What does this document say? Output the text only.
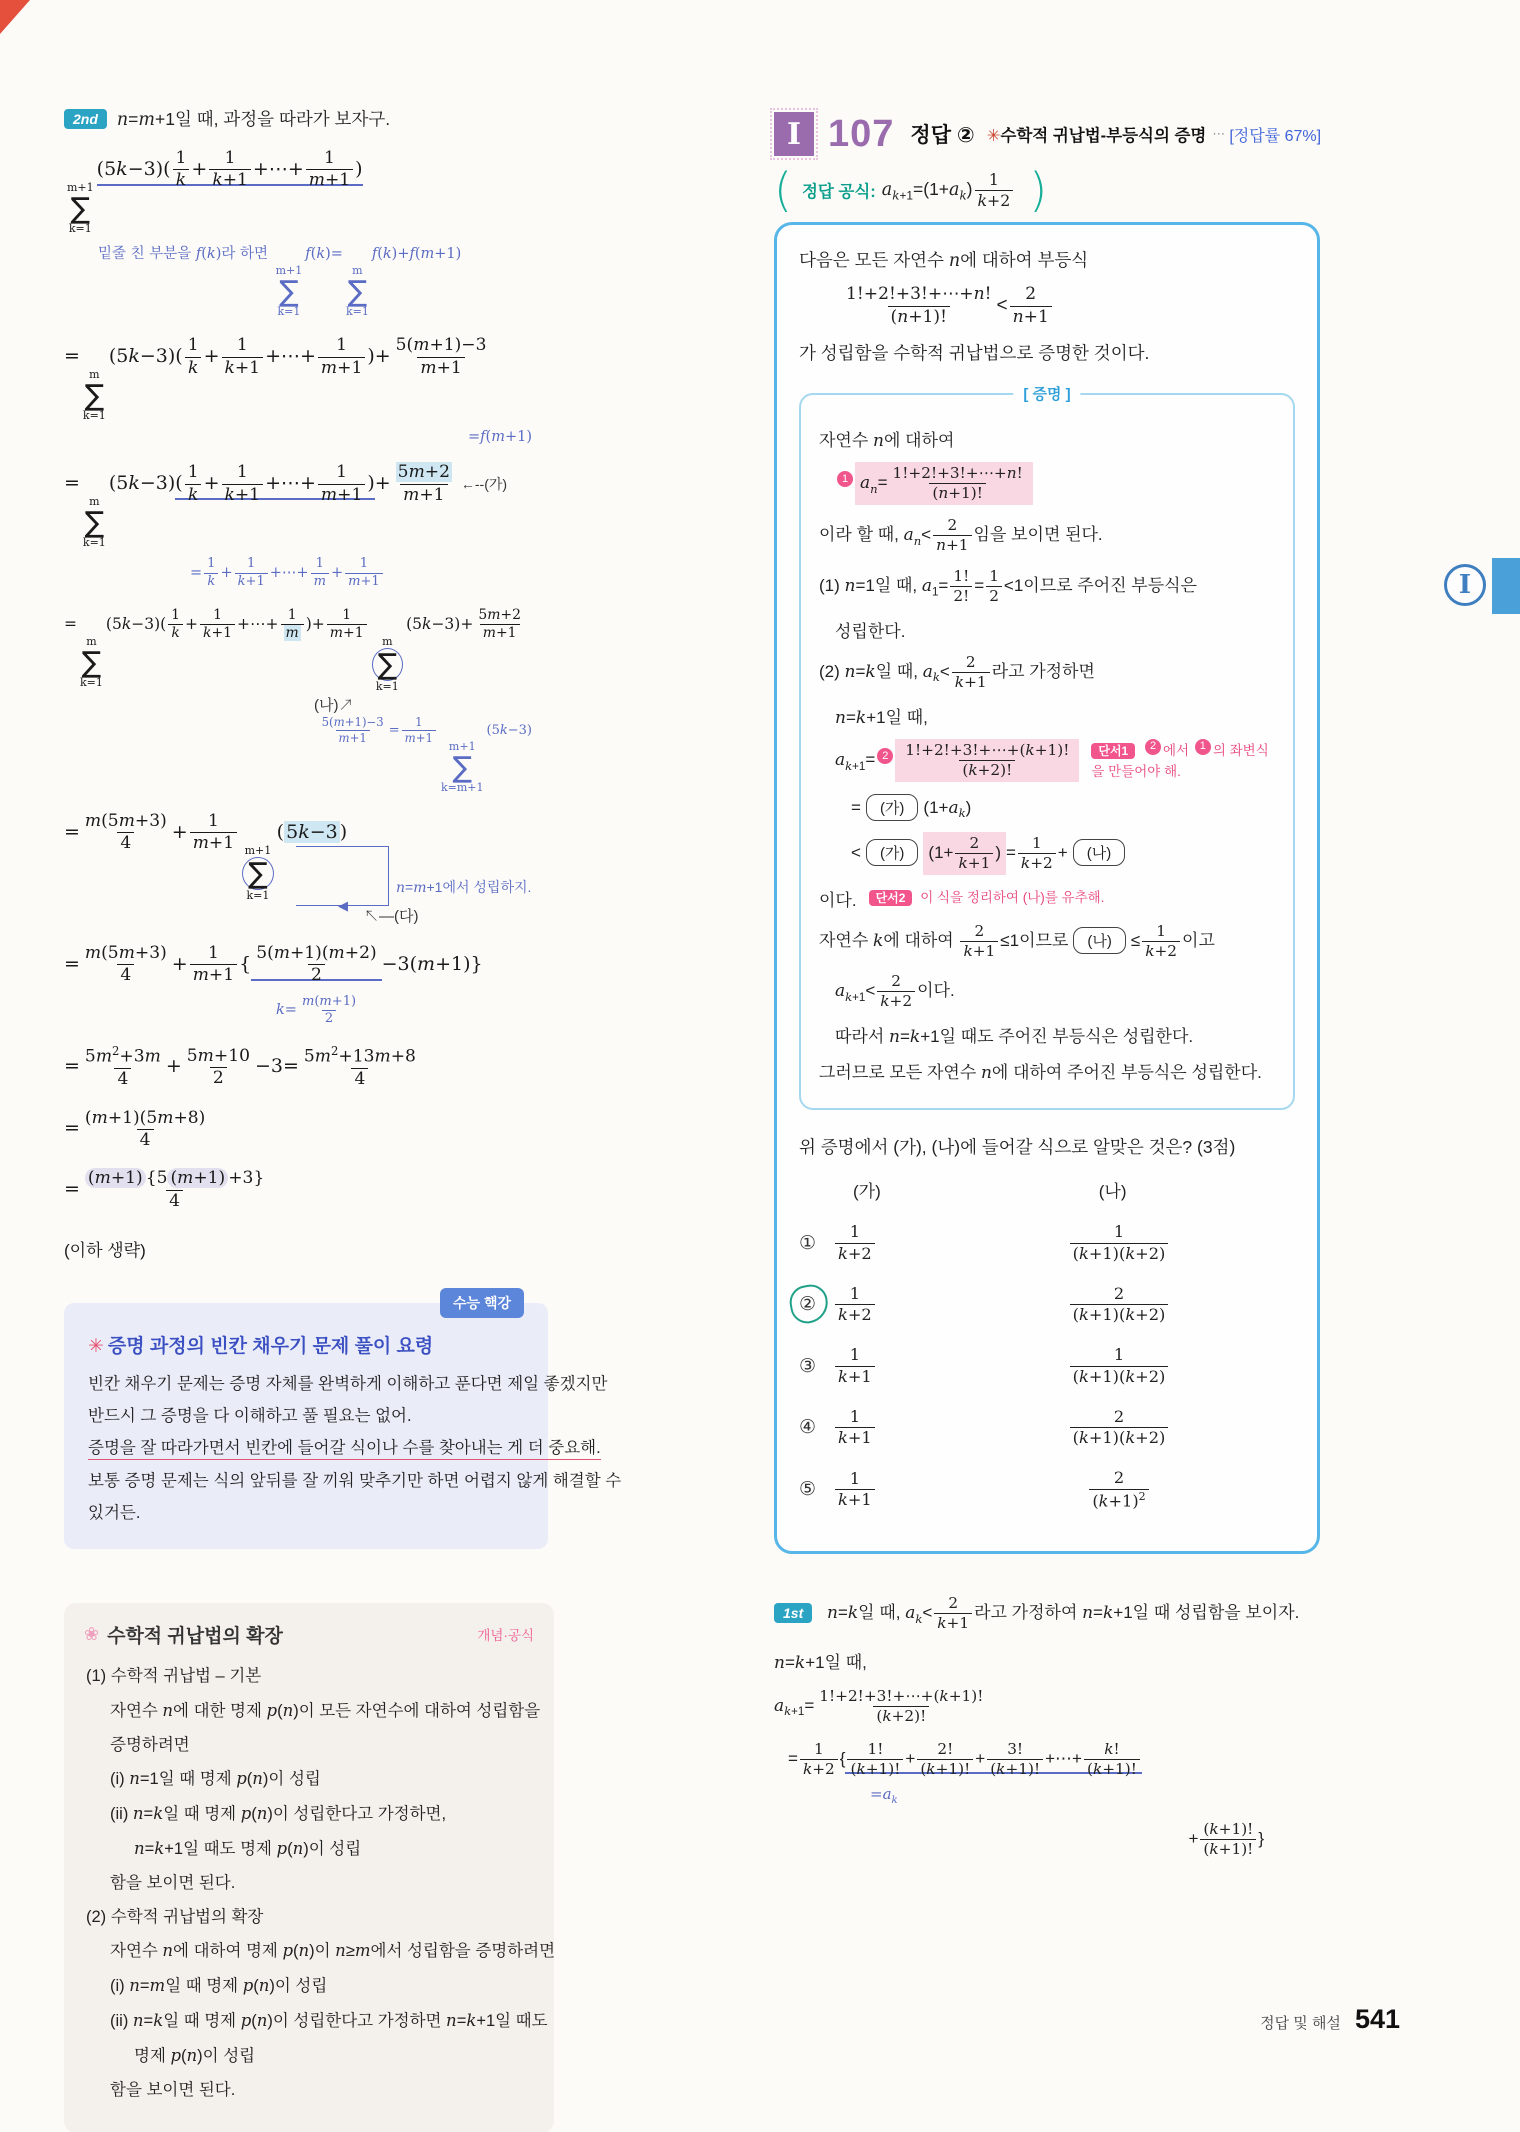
2nd	n=m+1일 때, 과정을 따라가 보자구.
m+1
∑
k=1
$(5k-3)( \frac{1}{k} + \frac{1}{k+1}$ +⋯+ $\frac{1}{m+1}$ )
밑줄 친 부분을 f(k)라 하면
m+1
∑
k=1
f(k)=
m
∑
k=1
f(k)+f(m+1)
=
m
∑
k=1
$(5k-3)( \frac{1}{k} + \frac{1}{k+1}$ +⋯+ $\frac{1}{m+1}$ )+ $\frac{5(m+1)-3}{m+1}$
=f(m+1)
=
m
∑
k=1
$(5k-3)( \frac{1}{k} + \frac{1}{k+1}$ +⋯+ $\frac{1}{m+1}$ )+ $\frac{5m+2}{m+1}$ ←--(가)
= $\frac{1}{k} + \frac{1}{k+1}$ +⋯+ $\frac{1}{m} + \frac{1}{m+1}$
=
m
∑
k=1
$(5k-3)( \frac{1}{k} + \frac{1}{k+1}$ +⋯+ $\frac{1}{m}$ )+ $\frac{1}{m+1}$ m
∑
k=1
$(5k-3)+ \frac{5m+2}{m+1}$
(나)↗
$\frac{5(m+1)-3}{m+1} = \frac{1}{m+1}$
m+1
∑
k=m+1
(5k−3)
= $\frac{m(5m+3)}{4} + \frac{1}{m+1} m+1$
∑
k=1
( 5k−3 )
↖—(다)
= $\frac{m(5m+3)}{4} + \frac{1}{m+1}$ { $\frac{5(m+1)(m+2)}{2} -3(m+1)$}
$k= \frac{m(m+1)}{2}$
= $\frac{5m^2+3m}{4} + \frac{5m+10}{2} -3= \frac{5m^2+13m+8}{4}$
= $\frac{(m+1)(5m+8)}{4}$
= $\frac{(m+1) \{5 (m+1) +3\}}{4}$
(이하 생략)
◀
n=m+1에서 성립하지.
수능 핵강
✳ 증명 과정의 빈칸 채우기 문제 풀이 요령
빈칸 채우기 문제는 증명 자체를 완벽하게 이해하고 푼다면 제일 좋겠지만
반드시 그 증명을 다 이해하고 풀 필요는 없어.
증명을 잘 따라가면서 빈칸에 들어갈 식이나 수를 찾아내는 게 더 중요해.
보통 증명 문제는 식의 앞뒤를 잘 끼워 맞추기만 하면 어렵지 않게 해결할 수
있거든.
❀ 수학적 귀납법의 확장	개념·공식
(1) 수학적 귀납법 – 기본
자연수 n에 대한 명제 p(n)이 모든 자연수에 대하여 성립함을
증명하려면
(i) n=1일 때 명제 p(n)이 성립
(ii) n=k일 때 명제 p(n)이 성립한다고 가정하면,
n=k+1일 때도 명제 p(n)이 성립
함을 보이면 된다.
(2) 수학적 귀납법의 확장
자연수 n에 대하여 명제 p(n)이 n≥m에서 성립함을 증명하려면
(i) n=m일 때 명제 p(n)이 성립
(ii) n=k일 때 명제 p(n)이 성립한다고 가정하면 n=k+1일 때도
명제 p(n)이 성립
함을 보이면 된다.
I 107 정답 ② ✳수학적 귀납법-부등식의 증명 ⋯ [정답률 67%]
( 정답 공식: $a_{k+1}=(1+a_k) \frac{1}{k+2}$ )
다음은 모든 자연수 n에 대하여 부등식
$\frac{1!+2!+3!+\cdots+n!}{(n+1)!} < \frac{2}{n+1}$
가 성립함을 수학적 귀납법으로 증명한 것이다.
[ 증명 ]
자연수 n에 대하여
1 $a_n= \frac{1!+2!+3!+\cdots+n!}{(n+1)!}$
이라 할 때, $a_n< \frac{2}{n+1}$ 임을 보이면 된다.
(1) n=1일 때, $a_1= \frac{1!}{2!} = \frac{1}{2} <1$이므로 주어진 부등식은
성립한다.
(2) n=k일 때, $a_k< \frac{2}{k+1}$ 라고 가정하면
n=k+1일 때,
$a_{k+1}= 2 \frac{1!+2!+3!+\cdots+(k+1)!}{(k+2)!}$	단서1 2 에서 1 의 좌변식
을 만들어야 해.
= (가) $(1+a_k)$
< (가) ($1+ \frac{2}{k+1}$ ) = $\frac{1}{k+2}$ + (나)
이다.	단서2 이 식을 정리하여 (나)를 유추해.
자연수 k에 대하여 $\frac{2}{k+1} \le 1$이므로 (나) ≤ $\frac{1}{k+2}$ 이고
$a_{k+1}< \frac{2}{k+2}$ 이다.
따라서 n=k+1일 때도 주어진 부등식은 성립한다.
그러므로 모든 자연수 n에 대하여 주어진 부등식은 성립한다.
위 증명에서 (가), (나)에 들어갈 식으로 알맞은 것은? (3점)
(가)	(나)
①	$\frac{1}{k+2}$	$\frac{1}{(k+1)(k+2)}$
②	$\frac{1}{k+2}$	$\frac{2}{(k+1)(k+2)}$
③	$\frac{1}{k+1}$	$\frac{1}{(k+1)(k+2)}$
④	$\frac{1}{k+1}$	$\frac{2}{(k+1)(k+2)}$
⑤	$\frac{1}{k+1}$	$\frac{2}{(k+1)^2}$
1st n=k일 때, $a_k< \frac{2}{k+1}$ 라고 가정하여 n=k+1일 때 성립함을 보이자.
n=k+1일 때,
$a_{k+1}= \frac{1!+2!+3!+\cdots+(k+1)!}{(k+2)!}$
= $\frac{1}{k+2}$ { $\frac{1!}{(k+1)!} + \frac{2!}{(k+1)!} + \frac{3!}{(k+1)!}$ +⋯+ $\frac{k!}{(k+1)!}$
$=a_k$
+ $\frac{(k+1)!}{(k+1)!}$ }
I
정답 및 해설 541
